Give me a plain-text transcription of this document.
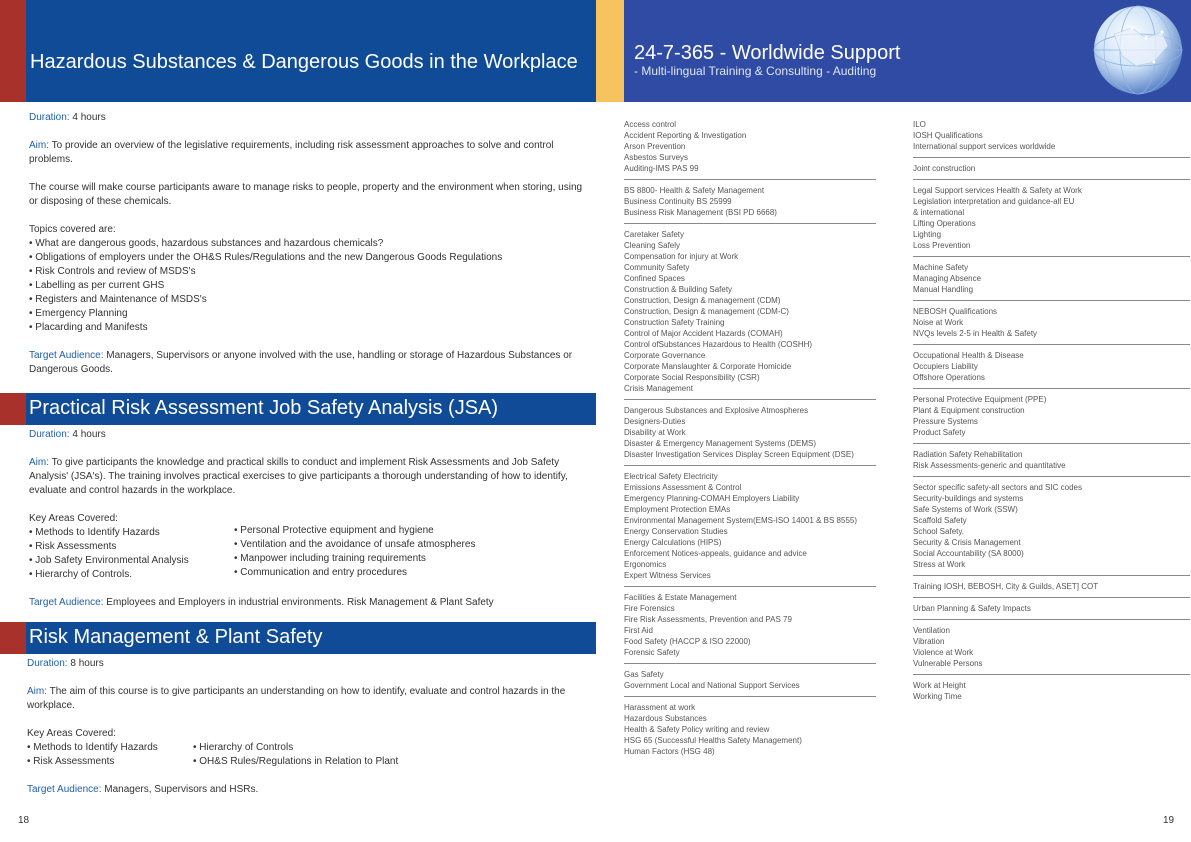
Hazardous Substances & Dangerous Goods in the Workplace
Duration: 4 hours
Aim: To provide an overview of the legislative requirements, including risk assessment approaches to solve and control problems.
The course will make course participants aware to manage risks to people, property and the environment when storing, using or disposing of these chemicals.
Topics covered are:
• What are dangerous goods, hazardous substances and hazardous chemicals?
• Obligations of employers under the OH&S Rules/Regulations and the new Dangerous Goods Regulations
• Risk Controls and review of MSDS's
• Labelling as per current GHS
• Registers and Maintenance of MSDS's
• Emergency Planning
• Placarding and Manifests
Target Audience: Managers, Supervisors or anyone involved with the use, handling or storage of Hazardous Substances or Dangerous Goods.
Practical Risk Assessment Job Safety Analysis (JSA)
Duration: 4 hours
Aim: To give participants the knowledge and practical skills to conduct and implement Risk Assessments and Job Safety Analysis' (JSA's). The training involves practical exercises to give participants a thorough understanding of how to identify, evaluate and control hazards in the workplace.
Key Areas Covered:
• Methods to Identify Hazards
• Risk Assessments
• Job Safety Environmental Analysis
• Hierarchy of Controls.
• Personal Protective equipment and hygiene
• Ventilation and the avoidance of unsafe atmospheres
• Manpower including training requirements
• Communication and entry procedures
Target Audience: Employees and Employers in industrial environments. Risk Management & Plant Safety
Risk Management & Plant Safety
Duration: 8 hours
Aim: The aim of this course is to give participants an understanding on how to identify, evaluate and control hazards in the workplace.
Key Areas Covered:
• Methods to Identify Hazards
• Risk Assessments
• Hierarchy of Controls
• OH&S Rules/Regulations in Relation to Plant
Target Audience: Managers, Supervisors and HSRs.
18
24-7-365 - Worldwide Support
- Multi-lingual Training & Consulting - Auditing
Access control
Accident Reporting & Investigation
Arson Prevention
Asbestos Surveys
Auditing-IMS PAS 99
BS 8800- Health & Safety Management
Business Continuity BS 25999
Business Risk Management (BSI PD 6668)
Caretaker Safety
Cleaning Safely
Compensation for injury at Work
Community Safety
Confined Spaces
Construction & Building Safety
Construction, Design & management (CDM)
Construction, Design & management (CDM-C)
Construction Safety Training
Control of Major Accident Hazards (COMAH)
Control ofSubstances Hazardous to Health (COSHH)
Corporate Governance
Corporate Manslaughter & Corporate Homicide
Corporate Social Responsibility (CSR)
Crisis Management
Dangerous Substances and Explosive Atmospheres
Designers-Duties
Disability at Work
Disaster & Emergency Management Systems (DEMS)
Disaster Investigation Services Display Screen Equipment (DSE)
Electrical Safety Electricity
Emissions Assessment & Control
Emergency Planning-COMAH Employers Liability
Employment Protection EMAs
Environmental Management System(EMS-ISO 14001 & BS 8555)
Energy Conservation Studies
Energy Calculations (HIPS)
Enforcement Notices-appeals, guidance and advice
Ergonomics
Expert Witness Services
Facilities & Estate Management
Fire Forensics
Fire Risk Assessments, Prevention and PAS 79
First Aid
Food Safety (HACCP & ISO 22000)
Forensic Safety
Gas Safety
Government Local and National Support Services
Harassment at work
Hazardous Substances
Health & Safety Policy writing and review
HSG 65 (Successful Healths Safety Management)
Human Factors (HSG 48)
ILO
IOSH Qualifications
International support services worldwide
Joint construction
Legal Support services Health & Safety at Work
Legislation interpretation and guidance-all EU
& international
Lifting Operations
Lighting
Loss Prevention
Machine Safety
Managing Absence
Manual Handling
NEBOSH Qualifications
Noise at Work
NVQs levels 2-5 in Health & Safety
Occupational Health & Disease
Occupiers Liability
Offshore Operations
Personal Protective Equipment (PPE)
Plant & Equipment construction
Pressure Systems
Product Safety
Radiation Safety Rehabilitation
Risk Assessments-generic and quantitative
Sector specific safety-all sectors and SIC codes
Security-buildings and systems
Safe Systems of Work (SSW)
Scaffold Safety
School Safety.
Security & Crisis Management
Social Accountability (SA 8000)
Stress at Work
Training IOSH, BEBOSH, City & Guilds, ASET] COT
Urban Planning & Safety Impacts
Ventilation
Vibration
Violence at Work
Vulnerable Persons
Work at Height
Working Time
19
